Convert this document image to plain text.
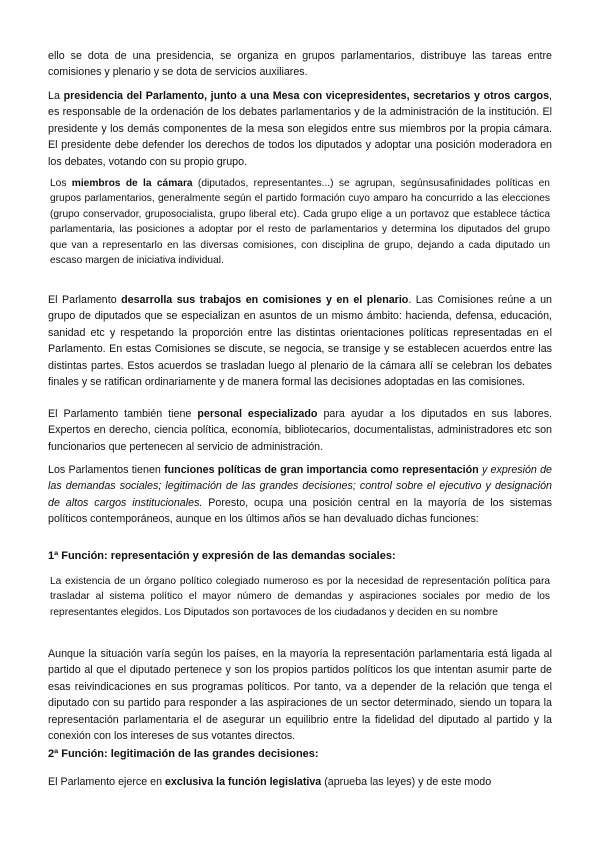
ello se dota de una presidencia, se organiza en grupos parlamentarios, distribuye las tareas entre comisiones y plenario y se dota de servicios auxiliares.

La presidencia del Parlamento, junto a una Mesa con vicepresidentes, secretarios y otros cargos, es responsable de la ordenación de los debates parlamentarios y de la administración de la institución. El presidente y los demás componentes de la mesa son elegidos entre sus miembros por la propia cámara. El presidente debe defender los derechos de todos los diputados y adoptar una posición moderadora en los debates, votando con su propio grupo.

Los miembros de la cámara (diputados, representantes...) se agrupan, segúnsusafinidades políticas en grupos parlamentarios, generalmente según el partido formación cuyo amparo ha concurrido a las elecciones (grupo conservador, gruposocialista, grupo liberal etc). Cada grupo elige a un portavoz que establece táctica parlamentaria, las posiciones a adoptar por el resto de parlamentarios y determina los diputados del grupo que van a representarlo en las diversas comisiones, con disciplina de grupo, dejando a cada diputado un escaso margen de iniciativa individual.

El Parlamento desarrolla sus trabajos en comisiones y en el plenario. Las Comisiones reúne a un grupo de diputados que se especializan en asuntos de un mismo ámbito: hacienda, defensa, educación, sanidad etc y respetando la proporción entre las distintas orientaciones políticas representadas en el Parlamento. En estas Comisiones se discute, se negocia, se transige y se establecen acuerdos entre las distintas partes. Estos acuerdos se trasladan luego al plenario de la cámara allí se celebran los debates finales y se ratifican ordinariamente y de manera formal las decisiones adoptadas en las comisiones.

El Parlamento también tiene personal especializado para ayudar a los diputados en sus labores. Expertos en derecho, ciencia política, economía, bibliotecarios, documentalistas, administradores etc son funcionarios que pertenecen al servicio de administración.

Los Parlamentos tienen funciones políticas de gran importancia como representación y expresión de las demandas sociales; legitimación de las grandes decisiones; control sobre el ejecutivo y designación de altos cargos institucionales. Poresto, ocupa una posición central en la mayoría de los sistemas políticos contemporáneos, aunque en los últimos años se han devaluado dichas funciones:

1ª Función: representación y expresión de las demandas sociales:

La existencia de un órgano político colegiado numeroso es por la necesidad de representación política para trasladar al sistema político el mayor número de demandas y aspiraciones sociales por medio de los representantes elegidos. Los Diputados son portavoces de los ciudadanos y deciden en su nombre

Aunque la situación varía según los países, en la mayoría la representación parlamentaria está ligada al partido al que el diputado pertenece y son los propios partidos políticos los que intentan asumir parte de esas reivindicaciones en sus programas políticos. Por tanto, va a depender de la relación que tenga el diputado con su partido para responder a las aspiraciones de un sector determinado, siendo un topara la representación parlamentaria el de asegurar un equilibrio entre la fidelidad del diputado al partido y la conexión con los intereses de sus votantes directos.

2ª Función: legitimación de las grandes decisiones:

El Parlamento ejerce en exclusiva la función legislativa (aprueba las leyes) y de este modo
